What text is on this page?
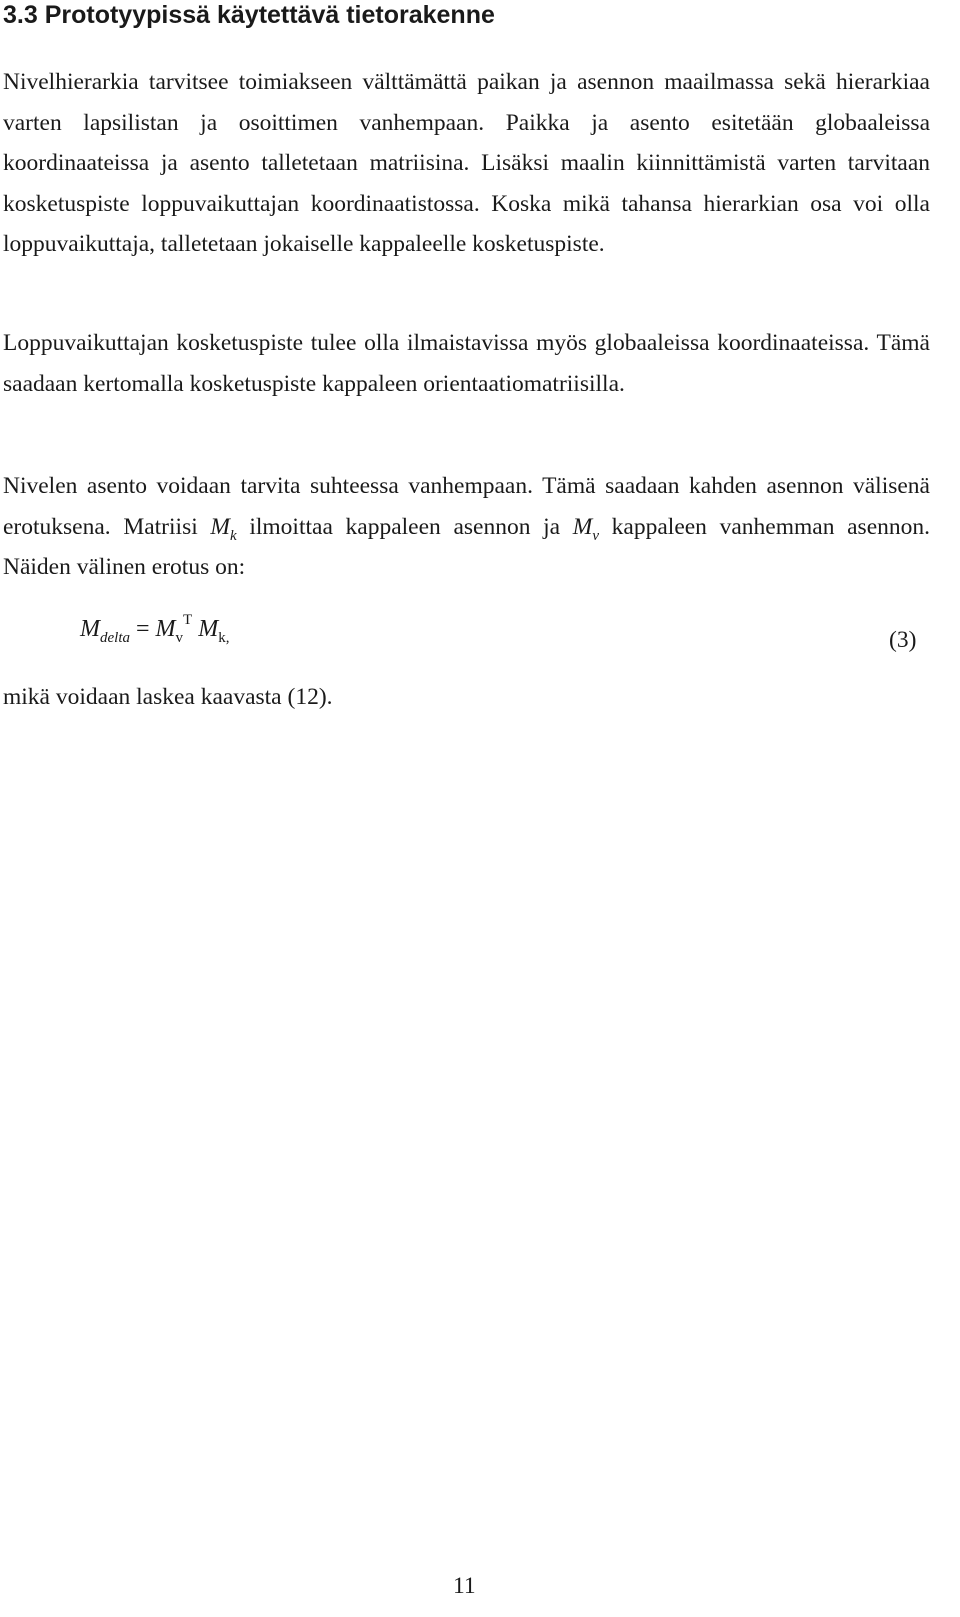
3.3 Prototyypissä käytettävä tietorakenne

Nivelhierarkia tarvitsee toimiakseen välttämättä paikan ja asennon maailmassa sekä hierarkiaa varten lapsilistan ja osoittimen vanhempaan. Paikka ja asento esitetään globaaleissa koordinaateissa ja asento talletetaan matriisina. Lisäksi maalin kiinnittämistä varten tarvitaan kosketuspiste loppuvaikuttajan koordinaatistossa. Koska mikä tahansa hierarkian osa voi olla loppuvaikuttaja, talletetaan jokaiselle kappaleelle kosketuspiste.

Loppuvaikuttajan kosketuspiste tulee olla ilmaistavissa myös globaaleissa koordinaateissa. Tämä saadaan kertomalla kosketuspiste kappaleen orientaatiomatriisilla.

Nivelen asento voidaan tarvita suhteessa vanhempaan. Tämä saadaan kahden asennon välisenä erotuksena. Matriisi $M_k$ ilmoittaa kappaleen asennon ja $M_v$ kappaleen vanhemman asennon. Näiden välinen erotus on:

$M_{delta} = M_v^T$ $M_{k,}$	(3)

mikä voidaan laskea kaavasta (12).

11
